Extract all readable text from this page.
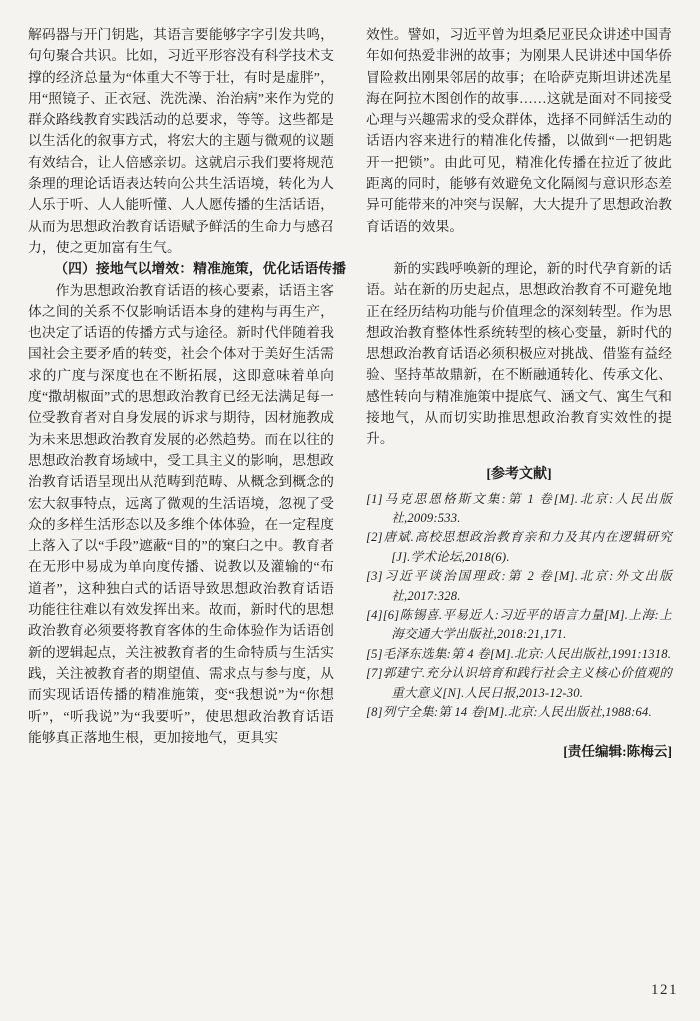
解码器与开门钥匙，其语言要能够字字引发共鸣，句句聚合共识。比如，习近平形容没有科学技术支撑的经济总量为“体重大不等于壮，有时是虚胖”，用“照镜子、正衣冠、洗洗澡、治治病”来作为党的群众路线教育实践活动的总要求，等等。这些都是以生活化的叙事方式，将宏大的主题与微观的议题有效结合，让人倍感亲切。这就启示我们要将规范条理的理论话语表达转向公共生活语境，转化为人人乐于听、人人能听懂、人人愿传播的生活话语，从而为思想政治教育话语赋予鲜活的生命力与感召力，使之更加富有生气。

（四）接地气以增效：精准施策，优化话语传播

作为思想政治教育话语的核心要素，话语主客体之间的关系不仅影响话语本身的建构与再生产，也决定了话语的传播方式与途径。新时代伴随着我国社会主要矛盾的转变，社会个体对于美好生活需求的广度与深度也在不断拓展，这即意味着单向度“撒胡椒面”式的思想政治教育已经无法满足每一位受教育者对自身发展的诉求与期待，因材施教成为未来思想政治教育发展的必然趋势。而在以往的思想政治教育场域中，受工具主义的影响，思想政治教育话语呈现出从范畴到范畴、从概念到概念的宏大叙事特点，远离了微观的生活语境，忽视了受众的多样生活形态以及多维个体体验，在一定程度上落入了以“手段”遮蔽“目的”的窠臼之中。教育者在无形中易成为单向度传播、说教以及灌输的“布道者”，这种独白式的话语导致思想政治教育话语功能往往难以有效发挥出来。故而，新时代的思想政治教育必须要将教育客体的生命体验作为话语创新的逻辑起点，关注被教育者的生命特质与生活实践，关注被教育者的期望值、需求点与参与度，从而实现话语传播的精准施策，变“我想说”为“你想听”，“听我说”为“我要听”，使思想政治教育话语能够真正落地生根，更加接地气，更具实

效性。譬如，习近平曾为坦桑尼亚民众讲述中国青年如何热爱非洲的故事；为刚果人民讲述中国华侨冒险救出刚果邻居的故事；在哈萨克斯坦讲述冼星海在阿拉木图创作的故事……这就是面对不同接受心理与兴趣需求的受众群体，选择不同鲜活生动的话语内容来进行的精准化传播，以做到“一把钥匙开一把锁”。由此可见，精准化传播在拉近了彼此距离的同时，能够有效避免文化隔阂与意识形态差异可能带来的冲突与误解，大大提升了思想政治教育话语的效果。

新的实践呼唤新的理论，新的时代孕育新的话语。站在新的历史起点，思想政治教育不可避免地正在经历结构功能与价值理念的深刻转型。作为思想政治教育整体性系统转型的核心变量，新时代的思想政治教育话语必须积极应对挑战、借鉴有益经验、坚持革故鼎新，在不断融通转化、传承文化、感性转向与精准施策中提底气、涵文气、寓生气和接地气，从而切实助推思想政治教育实效性的提升。

[参考文献]

[1]马克思恩格斯文集:第 1 卷[M].北京:人民出版社,2009:533.

[2]唐斌.高校思想政治教育亲和力及其内在逻辑研究[J].学术论坛,2018(6).

[3]习近平谈治国理政:第 2 卷[M].北京:外文出版社,2017:328.

[4][6]陈锡喜.平易近人:习近平的语言力量[M].上海:上海交通大学出版社,2018:21,171.

[5]毛泽东选集:第 4 卷[M].北京:人民出版社,1991:1318.

[7]郭建宁.充分认识培育和践行社会主义核心价值观的重大意义[N].人民日报,2013-12-30.

[8]列宁全集:第 14 卷[M].北京:人民出版社,1988:64.

[责任编辑:陈梅云]
121
